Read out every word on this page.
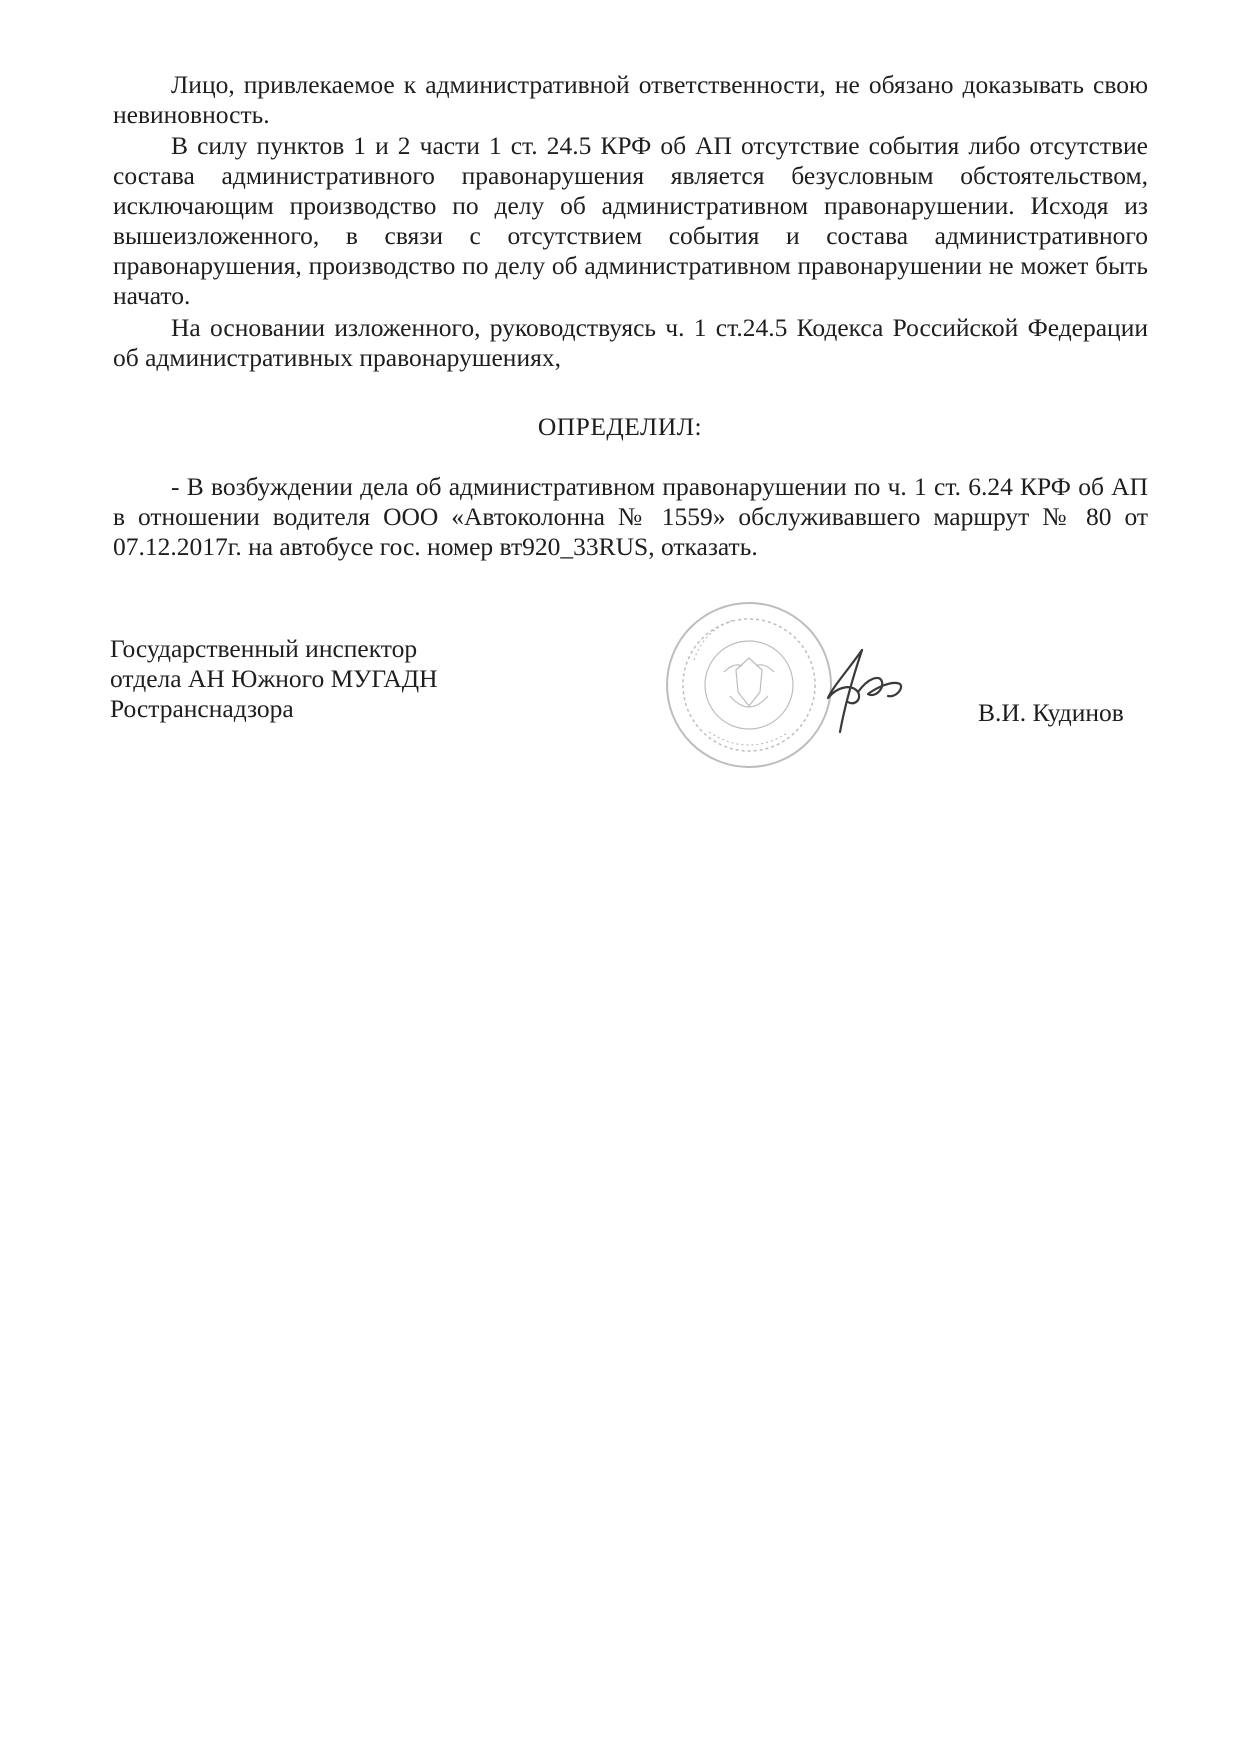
Лицо, привлекаемое к административной ответственности, не обязано доказывать свою невиновность.

В силу пунктов 1 и 2 части 1 ст. 24.5 КРФ об АП отсутствие события либо отсутствие состава административного правонарушения является безусловным обстоятельством, исключающим производство по делу об административном правонарушении. Исходя из вышеизложенного, в связи с отсутствием события и состава административного правонарушения, производство по делу об административном правонарушении не может быть начато.

На основании изложенного, руководствуясь ч. 1 ст.24.5 Кодекса Российской Федерации об административных правонарушениях,

ОПРЕДЕЛИЛ:

- В возбуждении дела об административном правонарушении по ч. 1 ст. 6.24 КРФ об АП в отношении водителя ООО «Автоколонна № 1559» обслуживавшего маршрут № 80 от 07.12.2017г. на автобусе гос. номер вт920_33RUS, отказать.

Государственный инспектор
отдела АН Южного МУГАДН
Ространснадзора	В.И. Кудинов
